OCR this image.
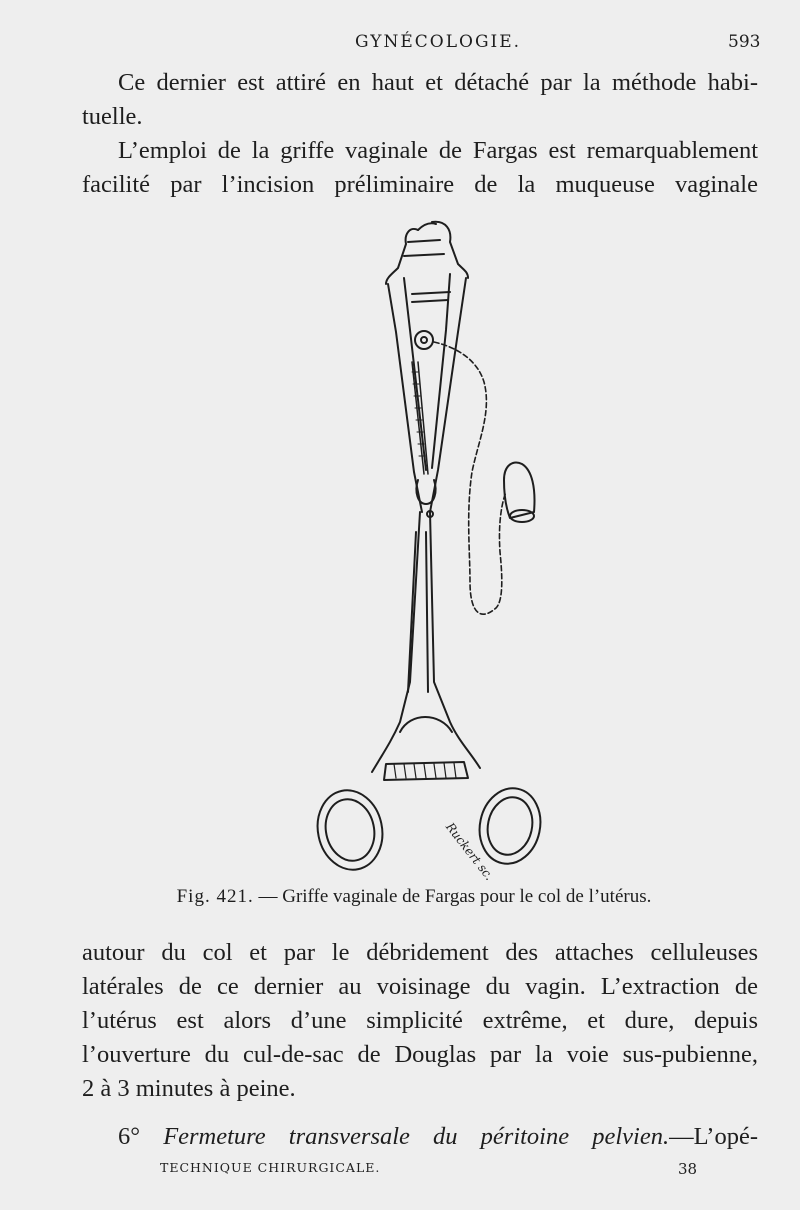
GYNÉCOLOGIE.	593

Ce dernier est attiré en haut et détaché par la méthode habi-
tuelle.

L’emploi de la griffe vaginale de Fargas est remarquablement
facilité par l’incision préliminaire de la muqueuse vaginale

Ruckert sc.
Fig. 421. — Griffe vaginale de Fargas pour le col de l’utérus.

autour du col et par le débridement des attaches celluleuses
latérales de ce dernier au voisinage du vagin. L’extraction de
l’utérus est alors d’une simplicité extrême, et dure, depuis
l’ouverture du cul-de-sac de Douglas par la voie sus-pubienne,
2 à 3 minutes à peine.

6° Fermeture transversale du péritoine pelvien.—L’opé-

TECHNIQUE CHIRURGICALE.	38
